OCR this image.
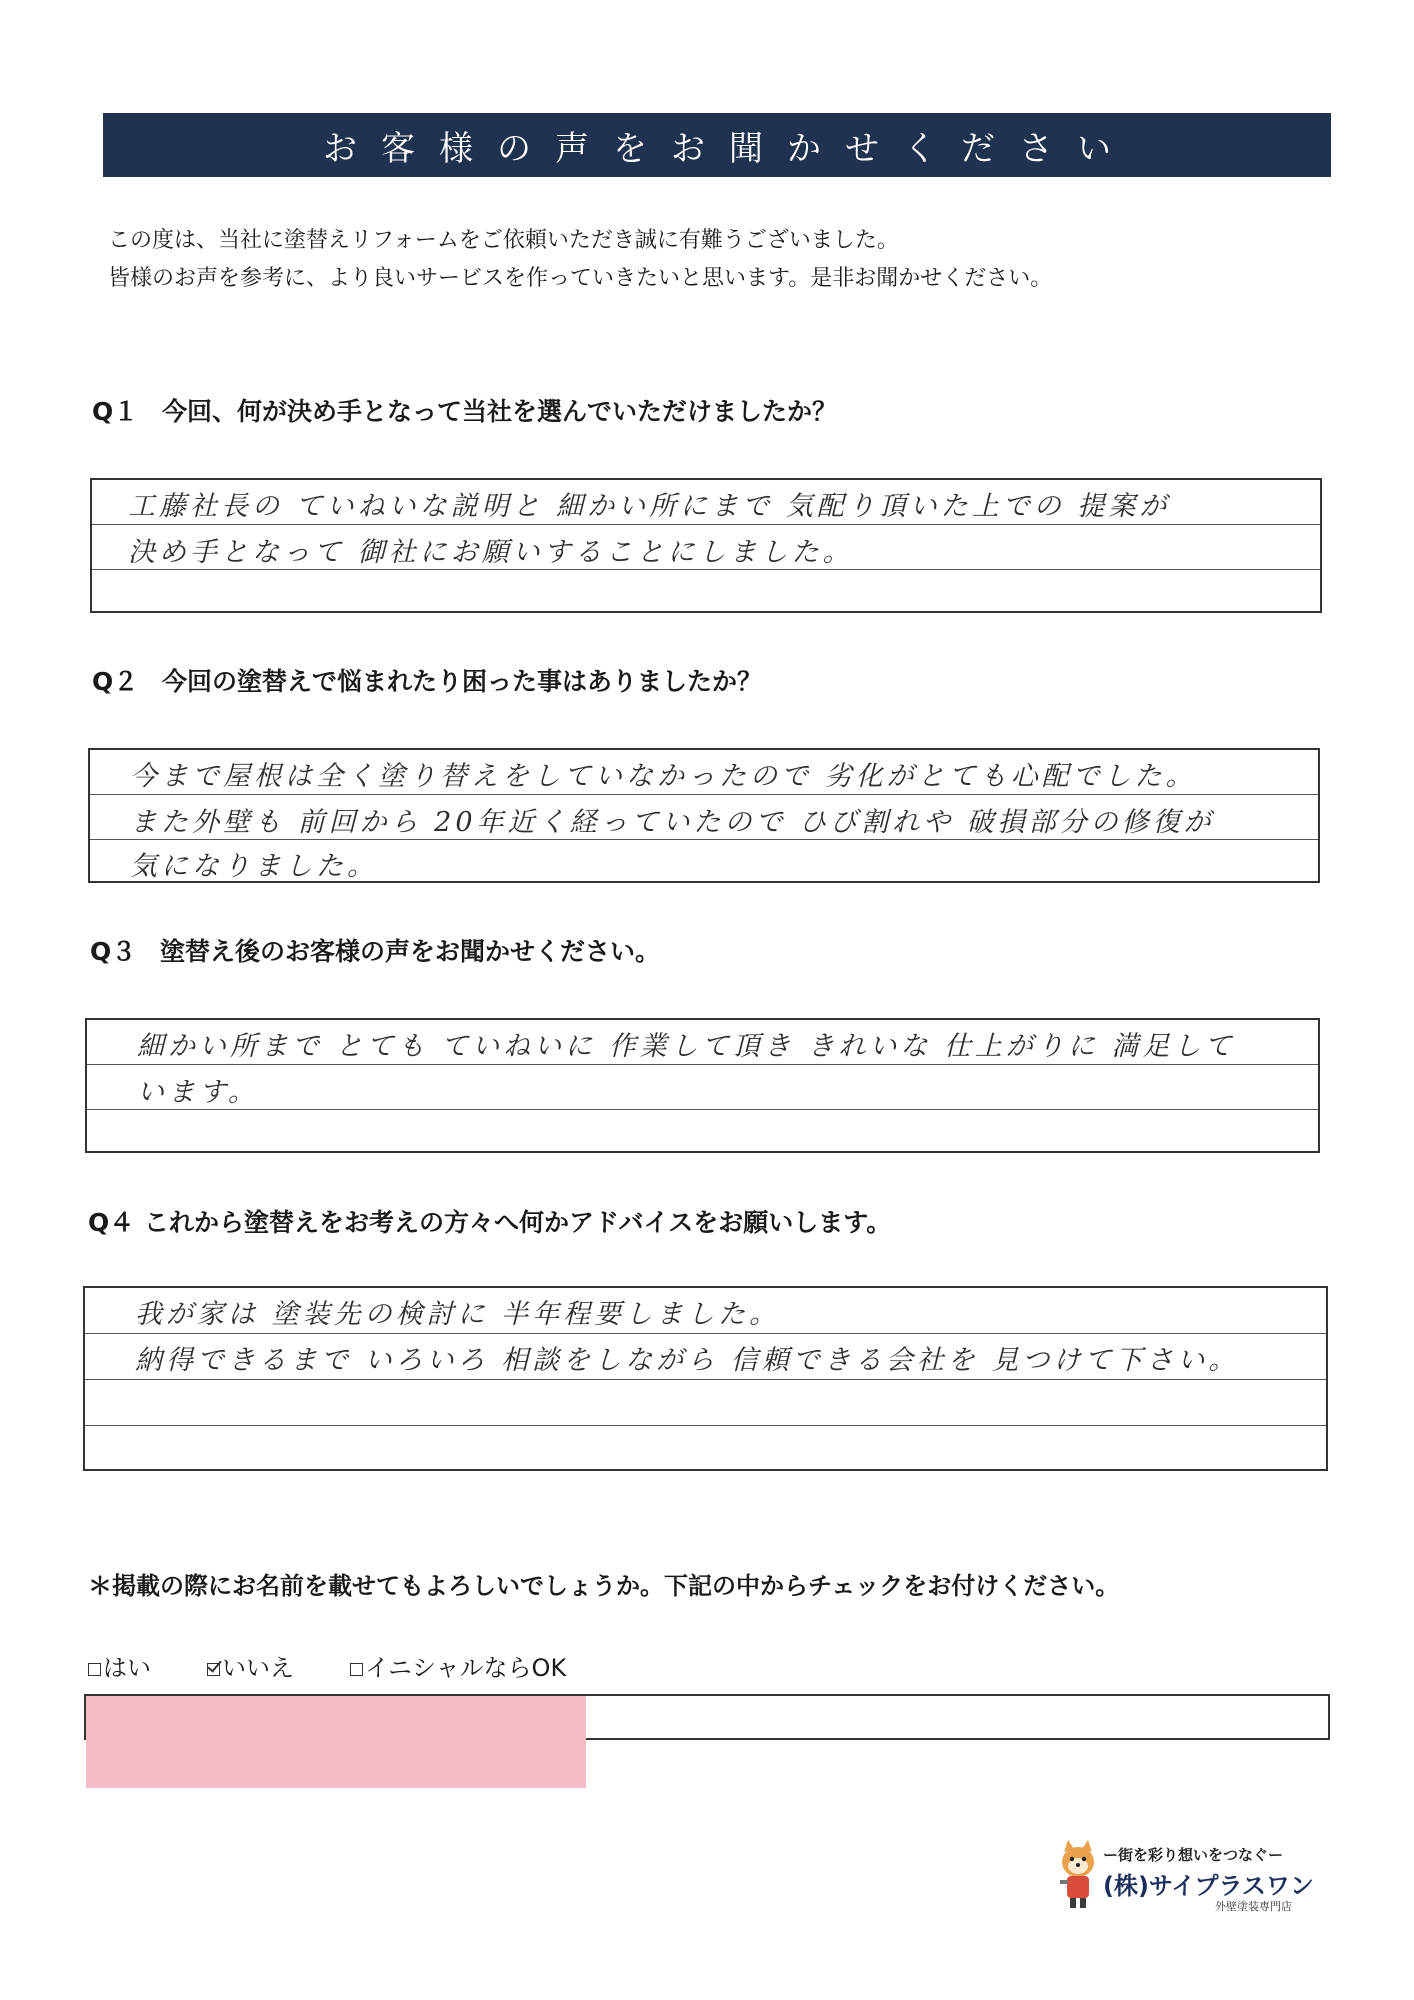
お客様の声をお聞かせください
この度は、当社に塗替えリフォームをご依頼いただき誠に有難うございました。
皆様のお声を参考に、より良いサービスを作っていきたいと思います。是非お聞かせください。
Q１ 今回、何が決め手となって当社を選んでいただけましたか？
工藤社長の ていねいな説明と 細かい所にまで 気配り頂いた上での 提案が
決め手となって 御社にお願いすることにしました。
Q２ 今回の塗替えで悩まれたり困った事はありましたか？
今まで屋根は全く塗り替えをしていなかったので 劣化がとても心配でした。
また外壁も 前回から 20年近く経っていたので ひび割れや 破損部分の修復が
気になりました。
Q３ 塗替え後のお客様の声をお聞かせください。
細かい所まで とても ていねいに 作業して頂き きれいな 仕上がりに 満足して
います。
Q４ これから塗替えをお考えの方々へ何かアドバイスをお願いします。
我が家は 塗装先の検討に 半年程要しました。
納得できるまで いろいろ 相談をしながら 信頼できる会社を 見つけて下さい。
＊掲載の際にお名前を載せてもよろしいでしょうか。下記の中からチェックをお付けください。
はい	いいえ	イニシャルならOK
ー街を彩り想いをつなぐー
(株)サイプラスワン
外壁塗装専門店
